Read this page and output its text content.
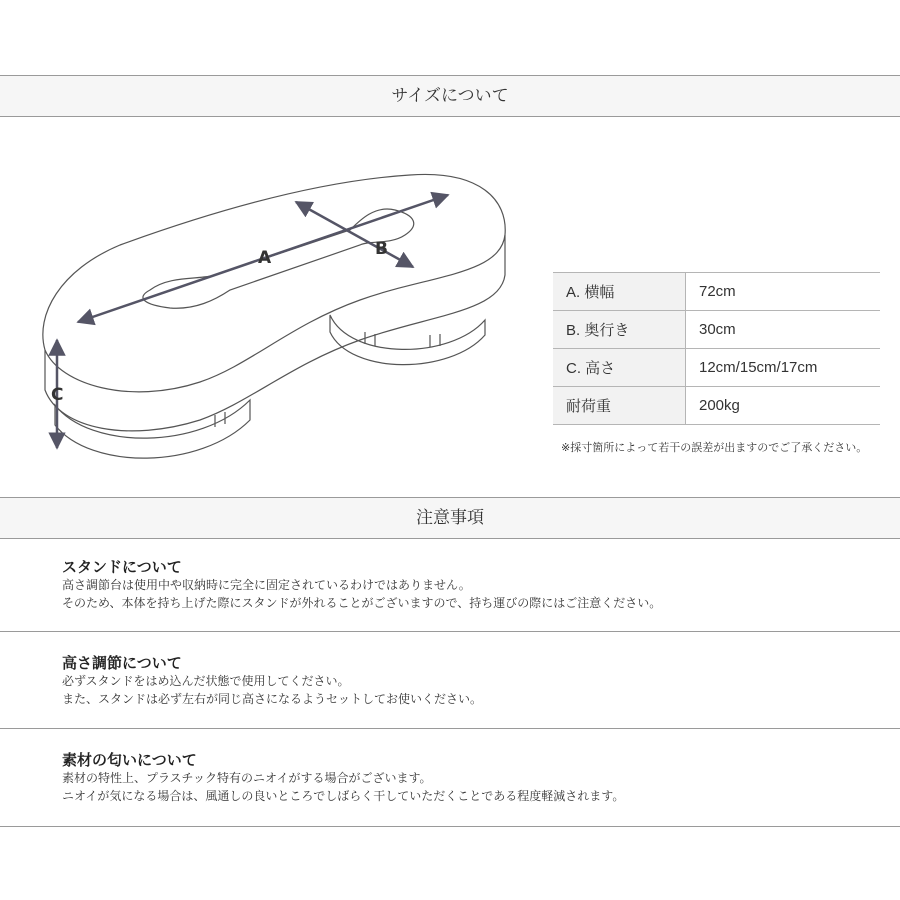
サイズについて
A	B
C
A. 横幅	72cm
B. 奥行き	30cm
C. 高さ	12cm/15cm/17cm
耐荷重	200kg
※採寸箇所によって若干の誤差が出ますのでご了承ください。
注意事項
スタンドについて
高さ調節台は使用中や収納時に完全に固定されているわけではありません。
そのため、本体を持ち上げた際にスタンドが外れることがございますので、持ち運びの際にはご注意ください。
高さ調節について
必ずスタンドをはめ込んだ状態で使用してください。
また、スタンドは必ず左右が同じ高さになるようセットしてお使いください。
素材の匂いについて
素材の特性上、プラスチック特有のニオイがする場合がございます。
ニオイが気になる場合は、風通しの良いところでしばらく干していただくことである程度軽減されます。
